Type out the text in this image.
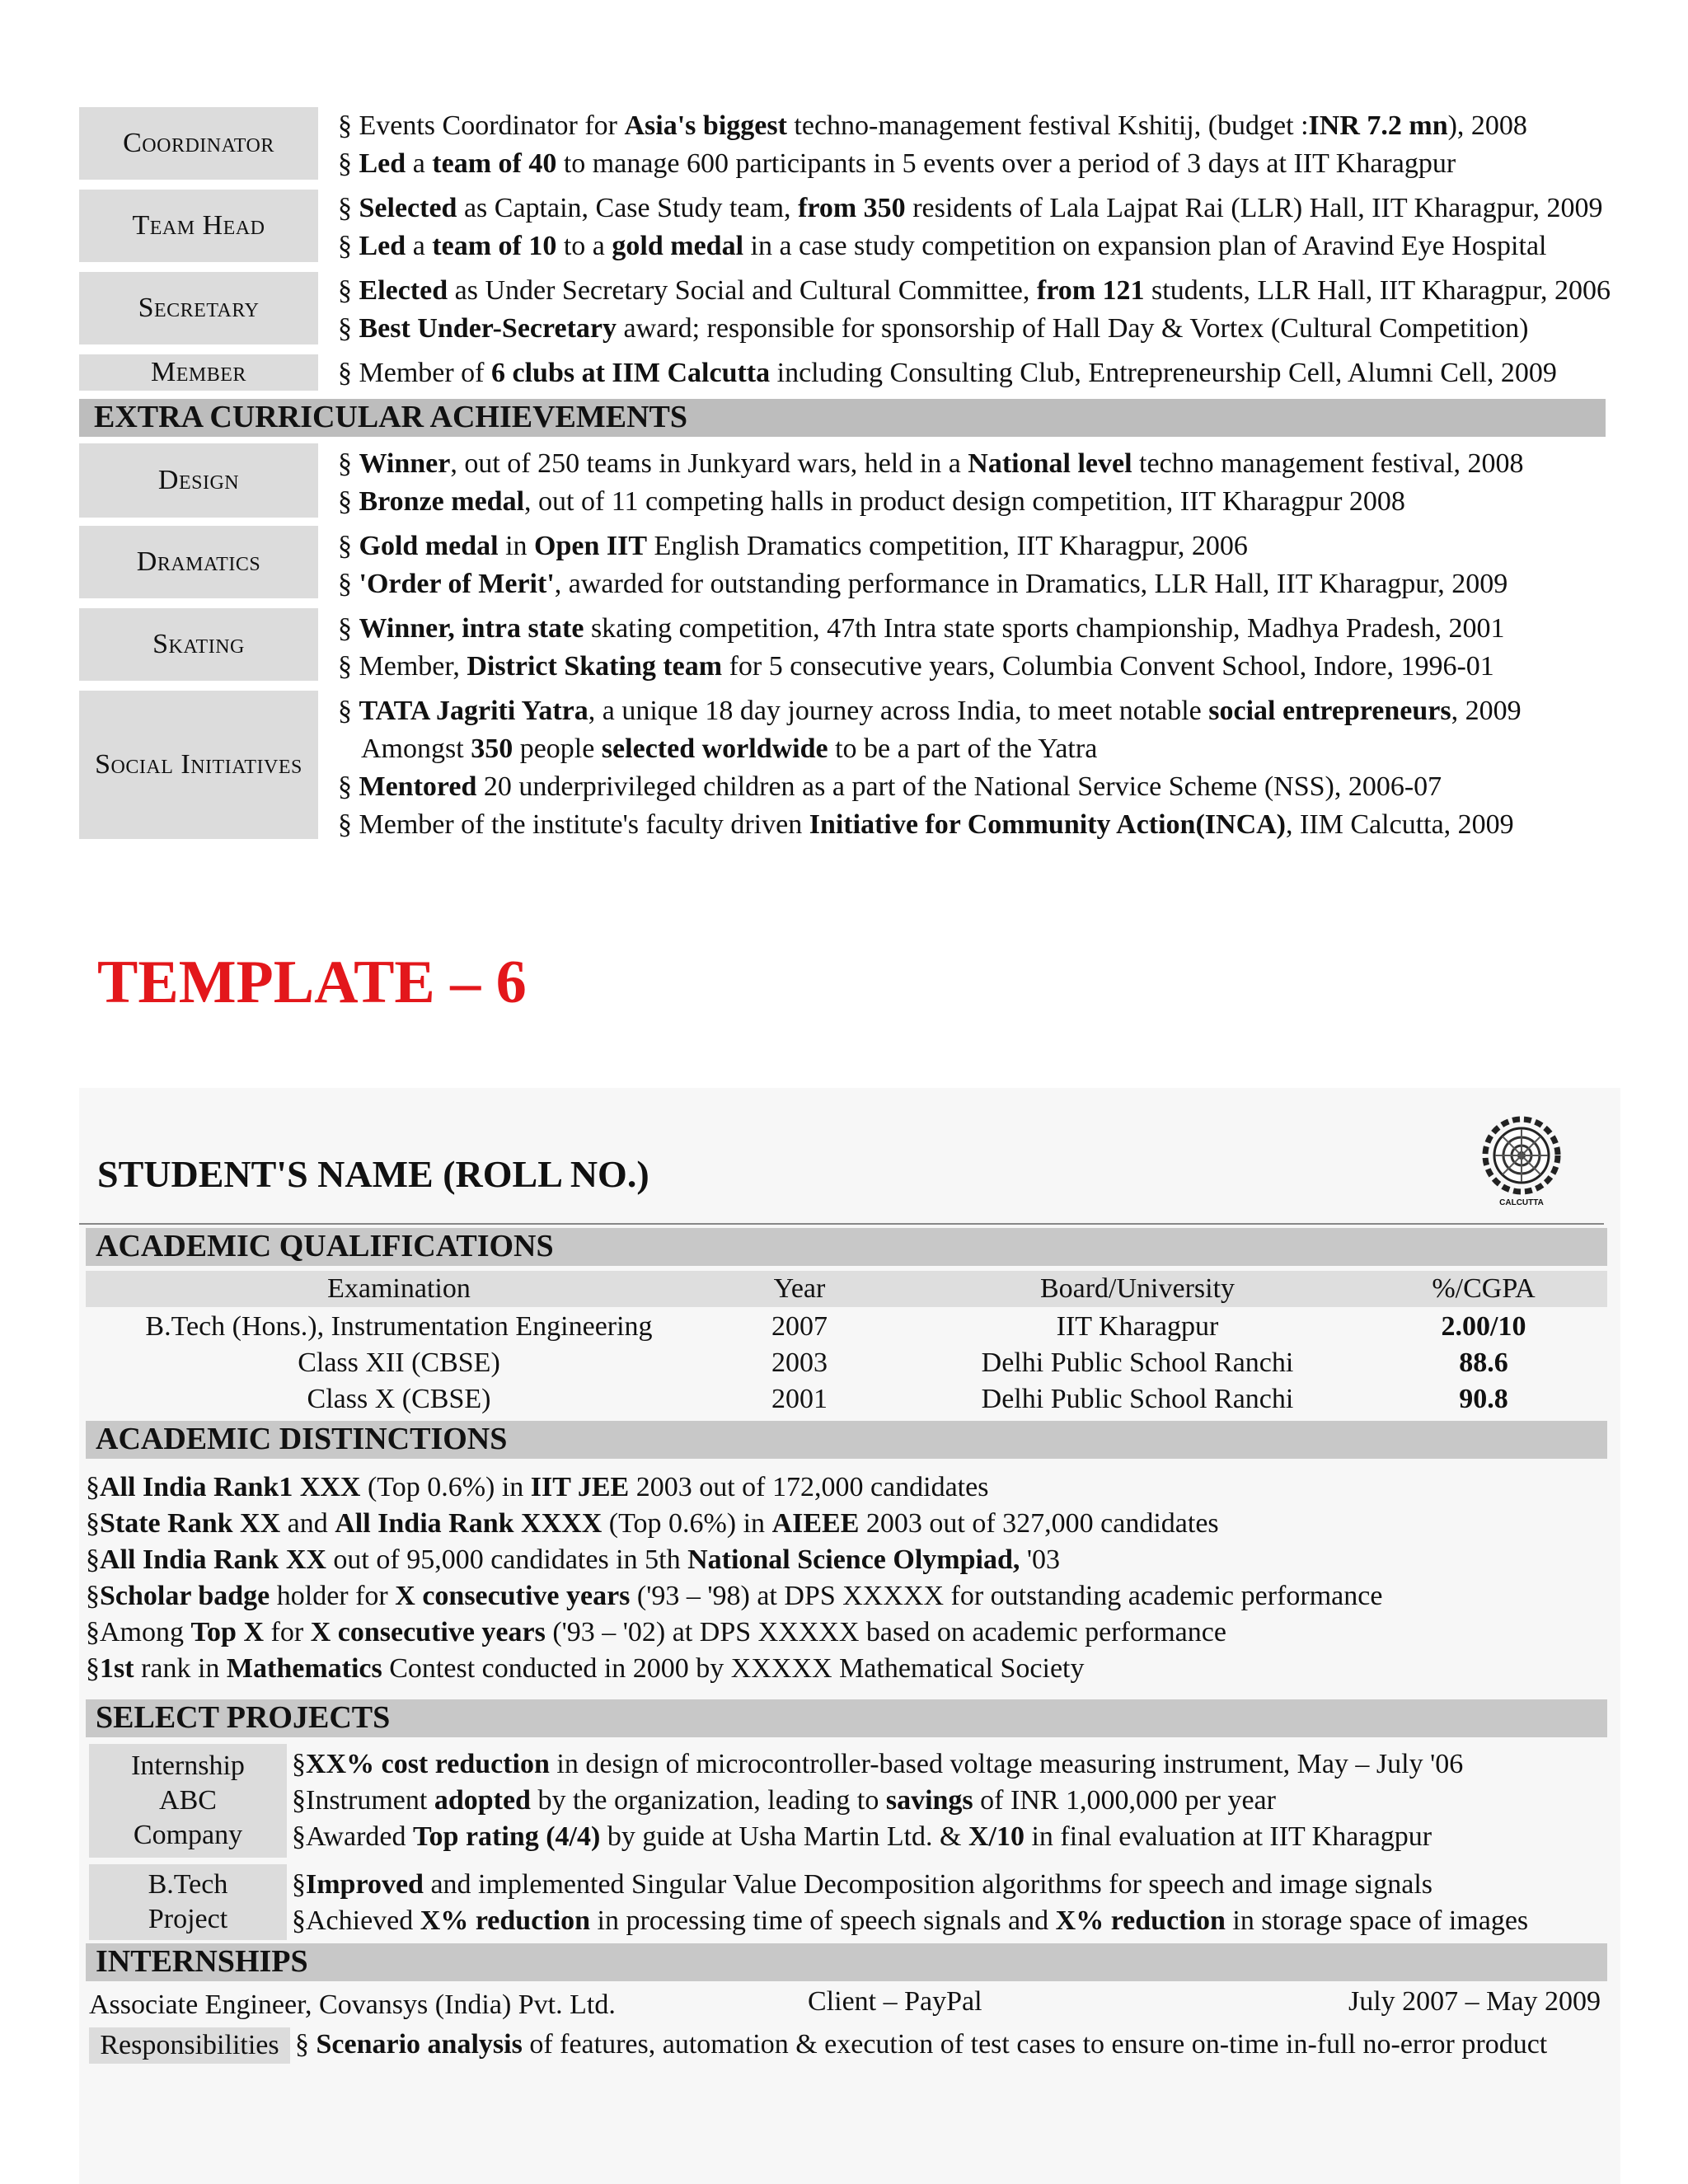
Coordinator
§ Events Coordinator for Asia's biggest techno-management festival Kshitij, (budget :INR 7.2 mn), 2008
§ Led a team of 40 to manage 600 participants in 5 events over a period of 3 days at IIT Kharagpur
Team Head
§ Selected as Captain, Case Study team, from 350 residents of Lala Lajpat Rai (LLR) Hall, IIT Kharagpur, 2009
§ Led a team of 10 to a gold medal in a case study competition on expansion plan of Aravind Eye Hospital
Secretary
§ Elected as Under Secretary Social and Cultural Committee, from 121 students, LLR Hall, IIT Kharagpur, 2006
§ Best Under-Secretary award; responsible for sponsorship of Hall Day & Vortex (Cultural Competition)
Member	§ Member of 6 clubs at IIM Calcutta including Consulting Club, Entrepreneurship Cell, Alumni Cell, 2009
EXTRA CURRICULAR ACHIEVEMENTS
Design
§ Winner, out of 250 teams in Junkyard wars, held in a National level techno management festival, 2008
§ Bronze medal, out of 11 competing halls in product design competition, IIT Kharagpur 2008
Dramatics
§ Gold medal in Open IIT English Dramatics competition, IIT Kharagpur, 2006
§ 'Order of Merit', awarded for outstanding performance in Dramatics, LLR Hall, IIT Kharagpur, 2009
Skating
§ Winner, intra state skating competition, 47th Intra state sports championship, Madhya Pradesh, 2001
§ Member, District Skating team for 5 consecutive years, Columbia Convent School, Indore, 1996-01
Social Initiatives
§ TATA Jagriti Yatra, a unique 18 day journey across India, to meet notable social entrepreneurs, 2009
Amongst 350 people selected worldwide to be a part of the Yatra
§ Mentored 20 underprivileged children as a part of the National Service Scheme (NSS), 2006-07
§ Member of the institute's faculty driven Initiative for Community Action(INCA), IIM Calcutta, 2009
TEMPLATE – 6
STUDENT'S NAME (ROLL NO.)
CALCUTTA
ACADEMIC QUALIFICATIONS
Examination	Year	Board/University	%/CGPA
B.Tech (Hons.), Instrumentation Engineering	2007	IIT Kharagpur	2.00/10
Class XII (CBSE)	2003	Delhi Public School Ranchi	88.6
Class X (CBSE)	2001	Delhi Public School Ranchi	90.8
ACADEMIC DISTINCTIONS
§All India Rank1 XXX (Top 0.6%) in IIT JEE 2003 out of 172,000 candidates
§State Rank XX and All India Rank XXXX (Top 0.6%) in AIEEE 2003 out of 327,000 candidates
§All India Rank XX out of 95,000 candidates in 5th National Science Olympiad, '03
§Scholar badge holder for X consecutive years ('93 – '98) at DPS XXXXX for outstanding academic performance
§Among Top X for X consecutive years ('93 – '02) at DPS XXXXX based on academic performance
§1st rank in Mathematics Contest conducted in 2000 by XXXXX Mathematical Society
SELECT PROJECTS
Internship ABC Company
§XX% cost reduction in design of microcontroller-based voltage measuring instrument, May – July '06
§Instrument adopted by the organization, leading to savings of INR 1,000,000 per year
§Awarded Top rating (4/4) by guide at Usha Martin Ltd. & X/10 in final evaluation at IIT Kharagpur
B.Tech Project
§Improved and implemented Singular Value Decomposition algorithms for speech and image signals
§Achieved X% reduction in processing time of speech signals and X% reduction in storage space of images
INTERNSHIPS
Associate Engineer, Covansys (India) Pvt. Ltd.	Client – PayPal	July 2007 – May 2009
Responsibilities § Scenario analysis of features, automation & execution of test cases to ensure on-time in-full no-error product
